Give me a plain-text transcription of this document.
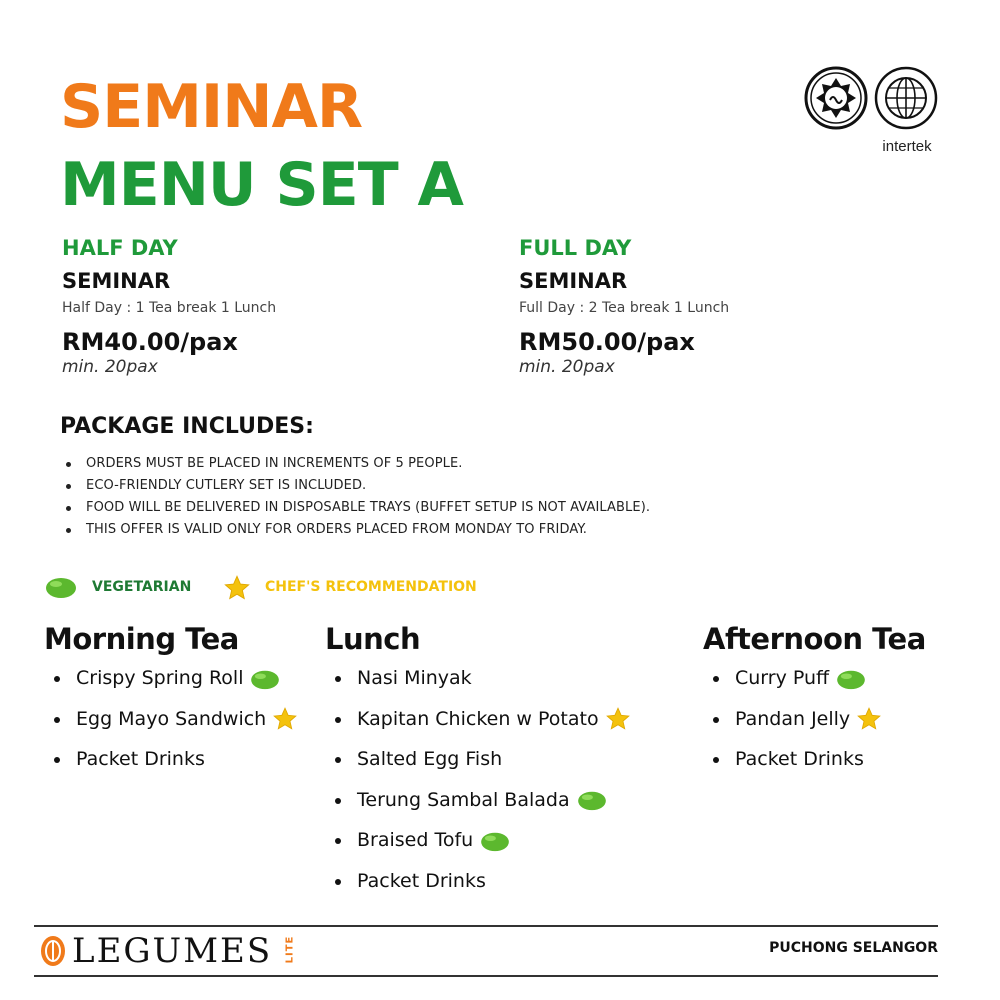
SEMINAR
MENU SET A
intertek
HALF DAY
SEMINAR
Half Day : 1 Tea break 1 Lunch
RM40.00/pax
min. 20pax
FULL DAY
SEMINAR
Full Day : 2 Tea break 1 Lunch
RM50.00/pax
min. 20pax
PACKAGE INCLUDES:
ORDERS MUST BE PLACED IN INCREMENTS OF 5 PEOPLE.
ECO-FRIENDLY CUTLERY SET IS INCLUDED.
FOOD WILL BE DELIVERED IN DISPOSABLE TRAYS (BUFFET SETUP IS NOT AVAILABLE).
THIS OFFER IS VALID ONLY FOR ORDERS PLACED FROM MONDAY TO FRIDAY.
VEGETARIAN	CHEF'S RECOMMENDATION
Morning Tea
Crispy Spring Roll
Egg Mayo Sandwich
Packet Drinks
Lunch
Nasi Minyak
Kapitan Chicken w Potato
Salted Egg Fish
Terung Sambal Balada
Braised Tofu
Packet Drinks
Afternoon Tea
Curry Puff
Pandan Jelly
Packet Drinks
LEGUMES LITE	PUCHONG SELANGOR
